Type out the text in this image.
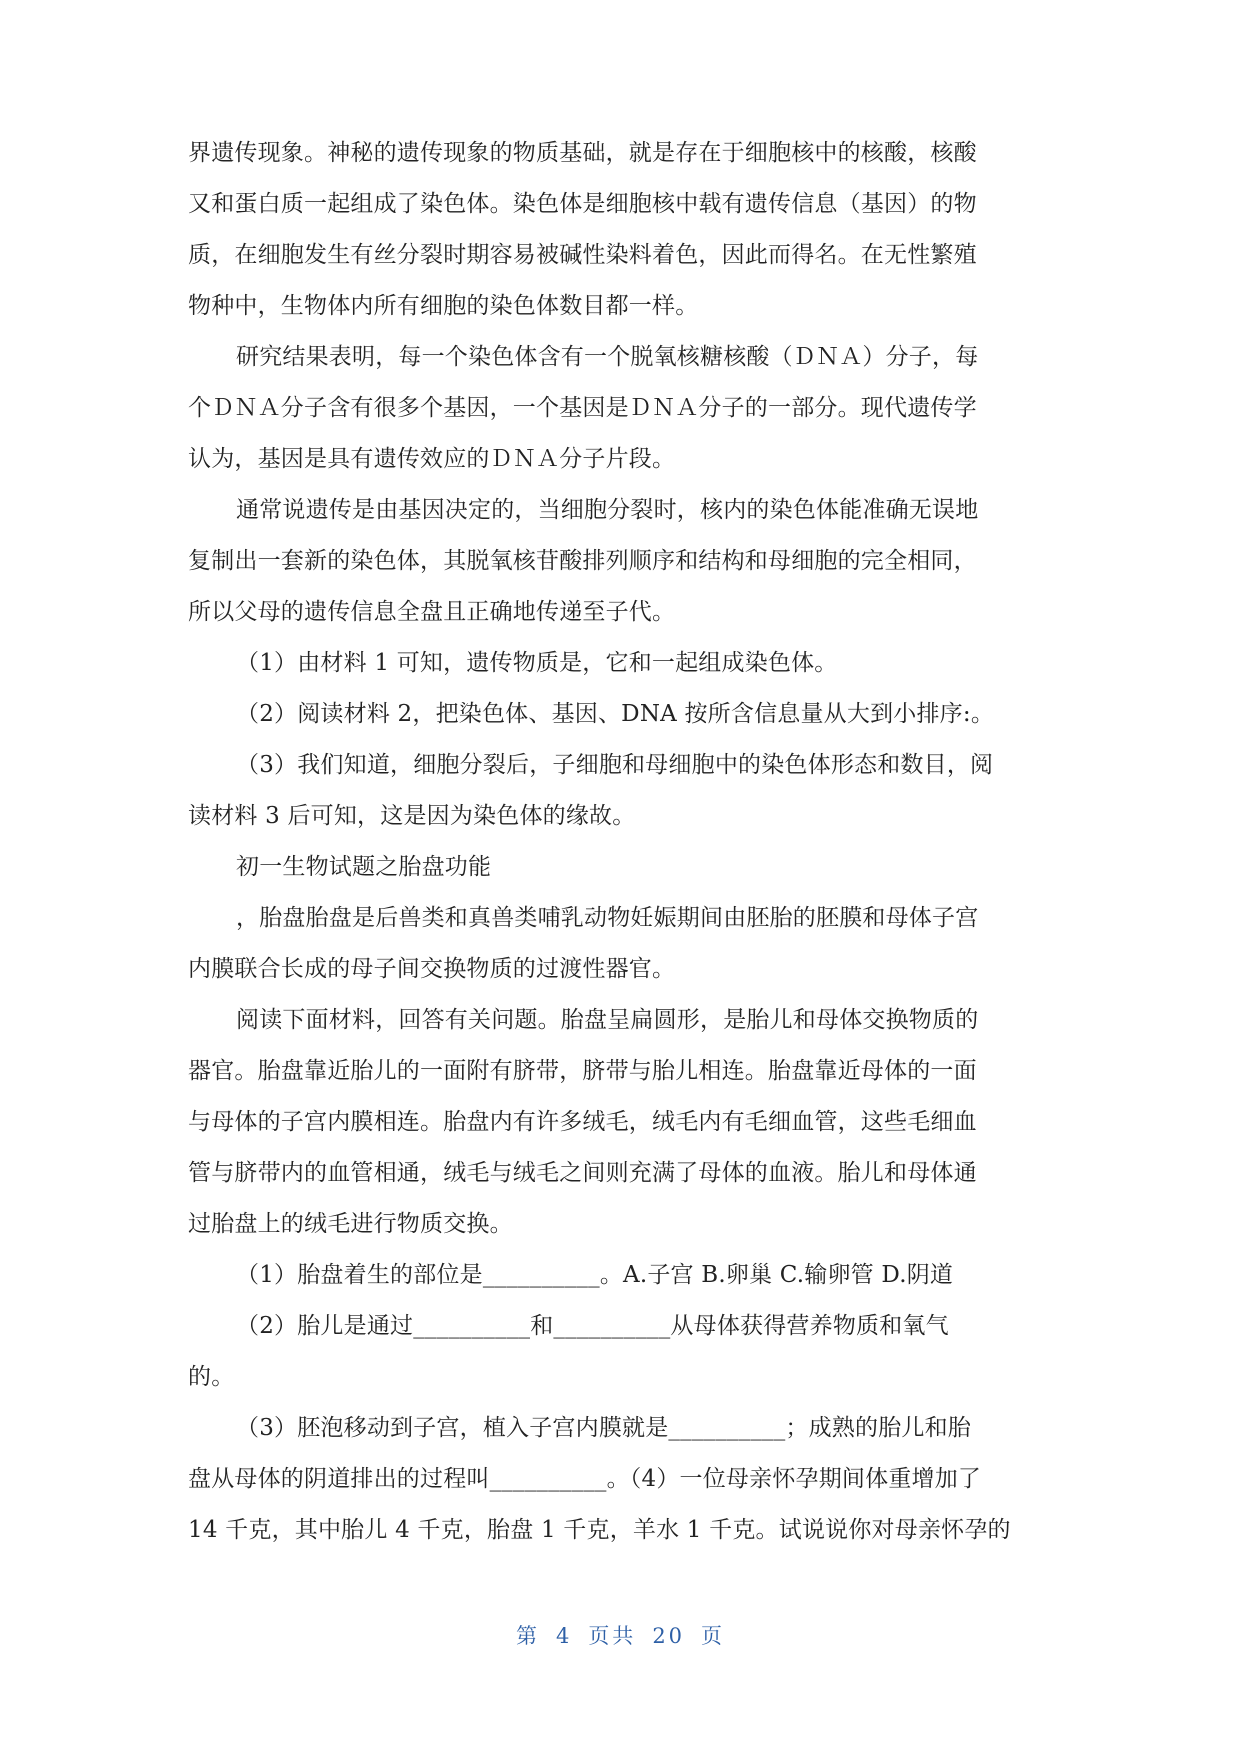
界遗传现象。神秘的遗传现象的物质基础，就是存在于细胞核中的核酸，核酸
又和蛋白质一起组成了染色体。染色体是细胞核中载有遗传信息（基因）的物
质，在细胞发生有丝分裂时期容易被碱性染料着色，因此而得名。在无性繁殖
物种中，生物体内所有细胞的染色体数目都一样。
研究结果表明，每一个染色体含有一个脱氧核糖核酸（ＤＮＡ）分子，每
个ＤＮＡ分子含有很多个基因，一个基因是ＤＮＡ分子的一部分。现代遗传学
认为，基因是具有遗传效应的ＤＮＡ分子片段。
通常说遗传是由基因决定的，当细胞分裂时，核内的染色体能准确无误地
复制出一套新的染色体，其脱氧核苷酸排列顺序和结构和母细胞的完全相同，
所以父母的遗传信息全盘且正确地传递至子代。
（1）由材料 1 可知，遗传物质是，它和一起组成染色体。
（2）阅读材料 2，把染色体、基因、DNA 按所含信息量从大到小排序:。
（3）我们知道，细胞分裂后，子细胞和母细胞中的染色体形态和数目，阅
读材料 3 后可知，这是因为染色体的缘故。
初一生物试题之胎盘功能
，胎盘胎盘是后兽类和真兽类哺乳动物妊娠期间由胚胎的胚膜和母体子宫
内膜联合长成的母子间交换物质的过渡性器官。
阅读下面材料，回答有关问题。胎盘呈扁圆形，是胎儿和母体交换物质的
器官。胎盘靠近胎儿的一面附有脐带，脐带与胎儿相连。胎盘靠近母体的一面
与母体的子宫内膜相连。胎盘内有许多绒毛，绒毛内有毛细血管，这些毛细血
管与脐带内的血管相通，绒毛与绒毛之间则充满了母体的血液。胎儿和母体通
过胎盘上的绒毛进行物质交换。
（1）胎盘着生的部位是__________。A.子宫 B.卵巢 C.输卵管 D.阴道
（2）胎儿是通过__________和__________从母体获得营养物质和氧气
的。
（3）胚泡移动到子宫，植入子宫内膜就是__________；成熟的胎儿和胎
盘从母体的阴道排出的过程叫__________。（4）一位母亲怀孕期间体重增加了
14 千克，其中胎儿 4 千克，胎盘 1 千克，羊水 1 千克。试说说你对母亲怀孕的
第 4 页共 20 页
